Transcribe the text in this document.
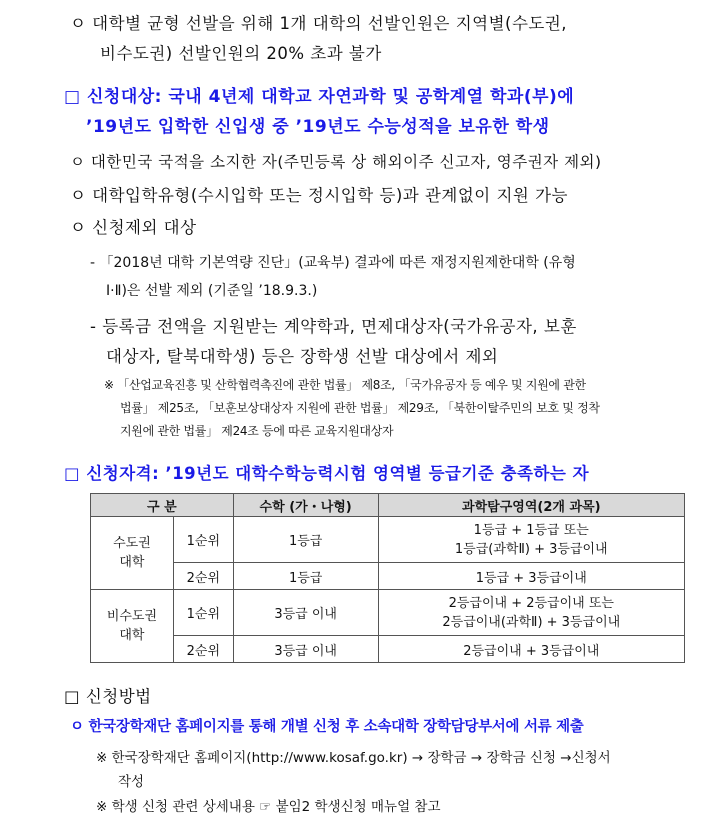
ㅇ 대학별 균형 선발을 위해 1개 대학의 선발인원은 지역별(수도권,
비수도권) 선발인원의 20% 초과 불가
□ 신청대상: 국내 4년제 대학교 자연과학 및 공학계열 학과(부)에
’19년도 입학한 신입생 중 ’19년도 수능성적을 보유한 학생
ㅇ 대한민국 국적을 소지한 자(주민등록 상 해외이주 신고자, 영주권자 제외)
ㅇ 대학입학유형(수시입학 또는 정시입학 등)과 관계없이 지원 가능
ㅇ 신청제외 대상
- 「2018년 대학 기본역량 진단」(교육부) 결과에 따른 재정지원제한대학 (유형
Ⅰ·Ⅱ)은 선발 제외 (기준일 ’18.9.3.)
- 등록금 전액을 지원받는 계약학과, 면제대상자(국가유공자, 보훈
대상자, 탈북대학생) 등은 장학생 선발 대상에서 제외
※ 「산업교육진흥 및 산학협력촉진에 관한 법률」 제8조, 「국가유공자 등 예우 및 지원에 관한
법률」 제25조, 「보훈보상대상자 지원에 관한 법률」 제29조, 「북한이탈주민의 보호 및 정착
지원에 관한 법률」 제24조 등에 따른 교육지원대상자
□ 신청자격: ’19년도 대학수학능력시험 영역별 등급기준 충족하는 자
구 분		수학 (가・나형)	과학탐구영역(2개 과목)
수도권
대학	1순위	1등급	1등급 + 1등급 또는
1등급(과학Ⅱ) + 3등급이내
	2순위	1등급	1등급 + 3등급이내
비수도권
대학	1순위	3등급 이내	2등급이내 + 2등급이내 또는
2등급이내(과학Ⅱ) + 3등급이내
	2순위	3등급 이내	2등급이내 + 3등급이내
□ 신청방법
ㅇ 한국장학재단 홈페이지를 통해 개별 신청 후 소속대학 장학담당부서에 서류 제출
※ 한국장학재단 홈페이지(http://www.kosaf.go.kr) → 장학금 → 장학금 신청 →신청서
작성
※ 학생 신청 관련 상세내용 ☞ 붙임2 학생신청 매뉴얼 참고
